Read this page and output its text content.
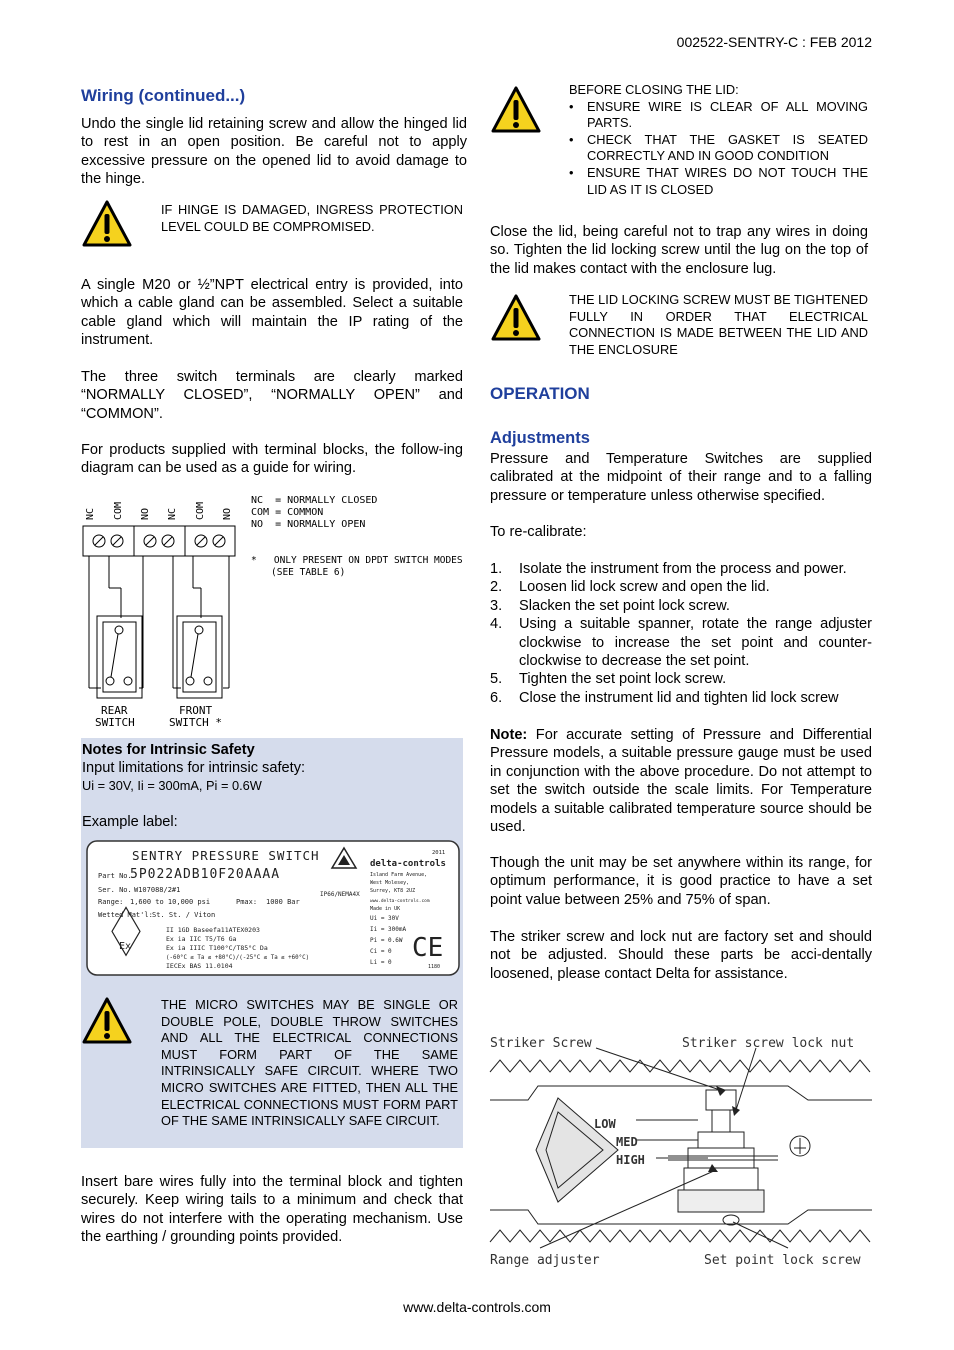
002522-SENTRY-C : FEB 2012
www.delta-controls.com
Wiring (continued...)
Undo the single lid retaining screw and allow the hinged lid to rest in an open position. Be careful not to apply excessive pressure on the opened lid to avoid damage to the hinge.
IF HINGE IS DAMAGED, INGRESS PROTECTION LEVEL COULD BE COMPROMISED.
A single M20 or ½”NPT electrical entry is provided, into which a cable gland can be assembled. Select a suitable cable gland which will maintain the IP rating of the instrument.
The three switch terminals are clearly marked “NORMALLY CLOSED”, “NORMALLY OPEN” and “COMMON”.
For products supplied with terminal blocks, the follow-ing diagram can be used as a guide for wiring.
NC COM NO NC COM NO
NC  = NORMALLY CLOSED
COM = COMMON
NO  = NORMALLY OPEN
*   ONLY PRESENT ON DPDT SWITCH MODES
(SEE TABLE 6)
REAR
SWITCH
FRONT
SWITCH *
Notes for Intrinsic Safety
Input limitations for intrinsic safety:
Ui = 30V, Ii = 300mA, Pi = 0.6W
Example label:
SENTRY PRESSURE SWITCH	2011
delta-controls
Part No.
5P022ADB10F20AAAA
Ser. No. W107088/2#1
IP66/NEMA4X
Range: 1,600 to 10,000 psi	Pmax: 1000 Bar
Wetted Mat'l: St. St. / Viton
Island Farm Avenue,
West Molesey,
Surrey, KT8 2UZ
www.delta-controls.com
Made in UK
Ex
II 1GD Baseefa11ATEX0203
Ex ia IIC T5/T6 Ga
Ex ia IIIC T100°C/T85°C Da
(-60°C ≤ Ta ≤ +80°C)/(-25°C ≤ Ta ≤ +60°C)
IECEx BAS 11.0104
Ui = 30V
Ii = 300mA
Pi = 0.6W
Ci = 0
Li = 0 CE
1180
THE MICRO SWITCHES MAY BE SINGLE OR DOUBLE POLE, DOUBLE THROW SWITCHES AND ALL THE ELECTRICAL CONNECTIONS MUST FORM PART OF THE SAME INTRINSICALLY SAFE CIRCUIT. WHERE TWO MICRO SWITCHES ARE FITTED, THEN ALL THE ELECTRICAL CONNECTIONS MUST FORM PART OF THE SAME INTRINSICALLY SAFE CIRCUIT.
Insert bare wires fully into the terminal block and tighten securely. Keep wiring tails to a minimum and check that wires do not interfere with the operating mechanism. Use the earthing / grounding points provided.
BEFORE CLOSING THE LID:
• ENSURE WIRE IS CLEAR OF ALL MOVING PARTS.
• CHECK THAT THE GASKET IS SEATED CORRECTLY AND IN GOOD CONDITION
• ENSURE THAT WIRES DO NOT TOUCH THE LID AS IT IS CLOSED
Close the lid, being careful not to trap any wires in doing so. Tighten the lid locking screw until the lug on the top of the lid makes contact with the enclosure lug.
THE LID LOCKING SCREW MUST BE TIGHTENED FULLY IN ORDER THAT ELECTRICAL CONNECTION IS MADE BETWEEN THE LID AND THE ENCLOSURE
OPERATION
Adjustments
Pressure and Temperature Switches are supplied calibrated at the midpoint of their range and to a falling pressure or temperature unless otherwise specified.
To re-calibrate:
1.	Isolate the instrument from the process and power.
2.	Loosen lid lock screw and open the lid.
3.	Slacken the set point lock screw.
4.	Using a suitable spanner, rotate the range adjuster clockwise to increase the set point and counter-clockwise to decrease the set point.
5.	Tighten the set point lock screw.
6.	Close the instrument lid and tighten lid lock screw
Note: For accurate setting of Pressure and Differential Pressure models, a suitable pressure gauge must be used in conjunction with the above procedure. Do not attempt to set the switch outside the scale limits. For Temperature models a suitable calibrated temperature source should be used.
Though the unit may be set anywhere within its range, for optimum performance, it is good practice to have a set point value between 25% and 75% of span.
The striker screw and lock nut are factory set and should not be adjusted. Should these parts be acci-dentally loosened, please contact Delta for assistance.
Striker Screw	Striker screw lock nut
LOW
MED
HIGH
Range adjuster	Set point lock screw
